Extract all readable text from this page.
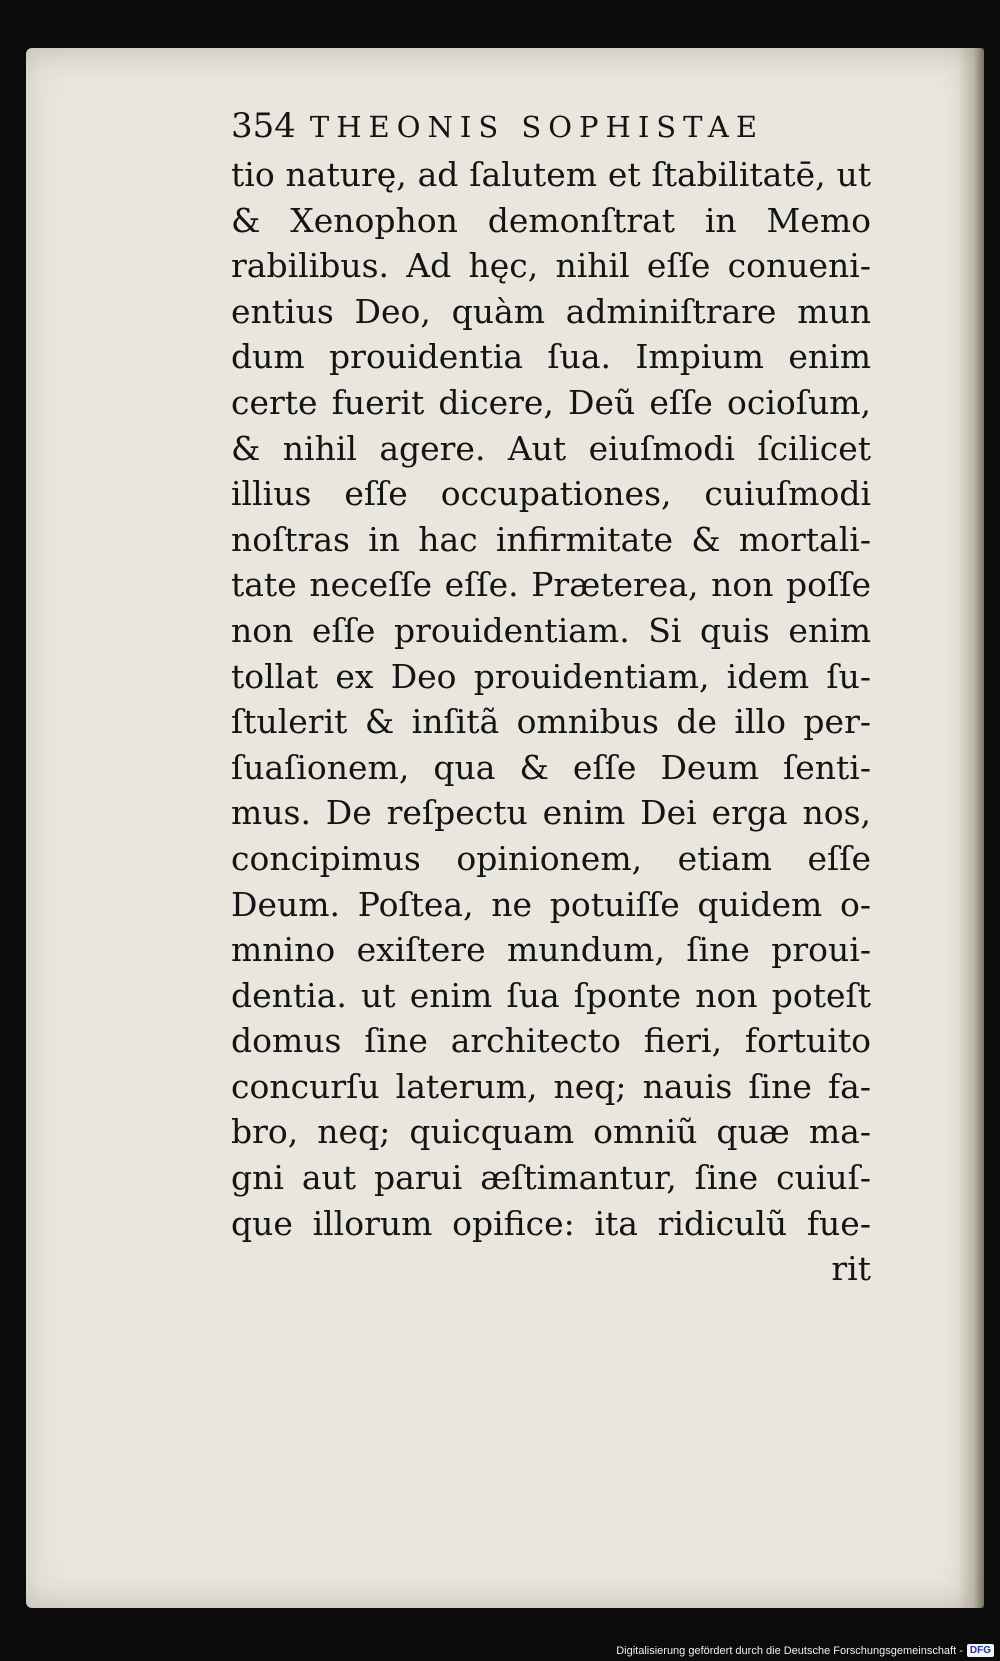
354 THEONIS SOPHISTAE
tio naturę, ad ſalutem et ſtabilitatē, ut
& Xenophon demonſtrat in Memo
rabilibus. Ad hęc, nihil eſſe conueni-
entius Deo, quàm adminiſtrare mun
dum prouidentia ſua. Impium enim
certe fuerit dicere, Deũ eſſe ocioſum,
& nihil agere. Aut eiuſmodi ſcilicet
illius eſſe occupationes, cuiuſmodi
noſtras in hac infirmitate & mortali-
tate neceſſe eſſe. Præterea, non poſſe
non eſſe prouidentiam. Si quis enim
tollat ex Deo prouidentiam, idem ſu-
ſtulerit & inſitã omnibus de illo per-
ſuaſionem, qua & eſſe Deum ſenti-
mus. De reſpectu enim Dei erga nos,
concipimus opinionem, etiam eſſe
Deum. Poſtea, ne potuiſſe quidem o-
mnino exiſtere mundum, ſine proui-
dentia. ut enim ſua ſponte non poteſt
domus ſine architecto fieri, fortuito
concurſu laterum, neq; nauis ſine fa-
bro, neq; quicquam omniũ quæ ma-
gni aut parui æſtimantur, ſine cuiuſ-
que illorum opifice: ita ridiculũ fue-
rit
Digitalisierung gefördert durch die Deutsche Forschungsgemeinschaft - DFG
